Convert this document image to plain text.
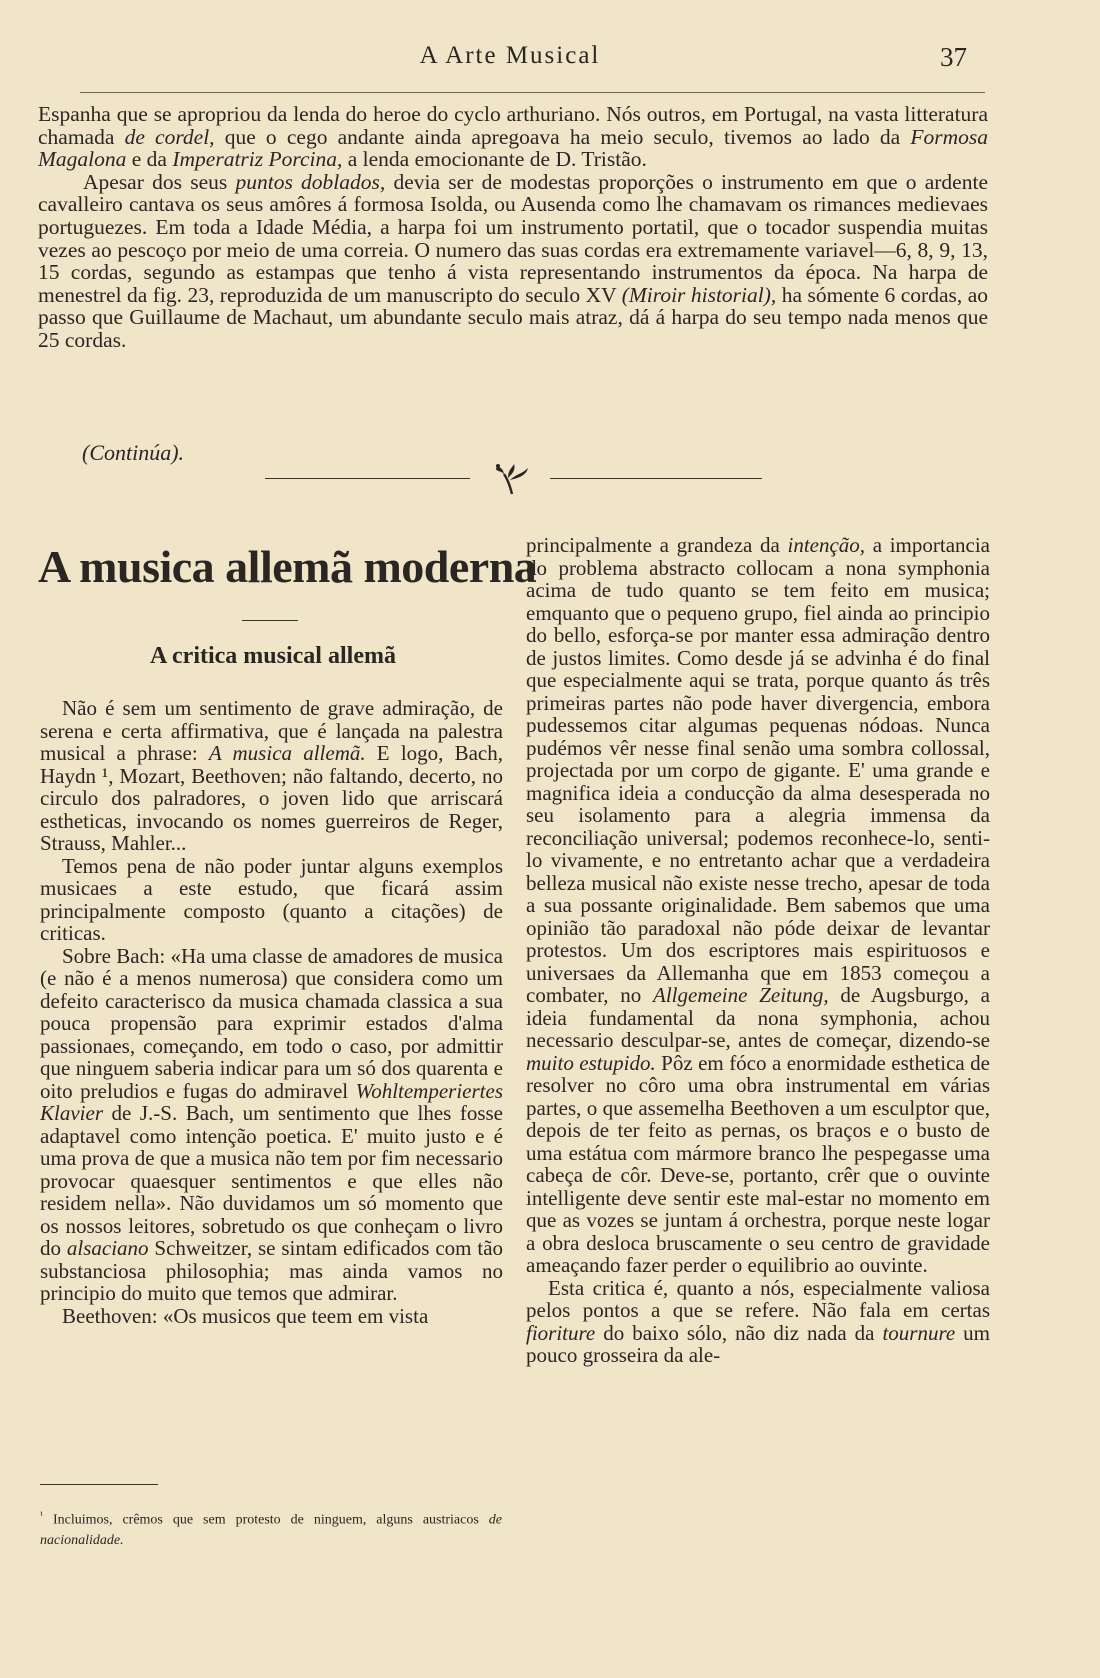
A Arte Musical	37

Espanha que se apropriou da lenda do heroe do cyclo arthuriano. Nós outros, em Portugal, na vasta litteratura chamada de cordel, que o cego andante ainda apregoava ha meio seculo, tivemos ao lado da Formosa Magalona e da Imperatriz Porcina, a lenda emocionante de D. Tristão.

Apesar dos seus puntos doblados, devia ser de modestas proporções o instrumento em que o ardente cavalleiro cantava os seus amôres á formosa Isolda, ou Ausenda como lhe chamavam os rimances medievaes portuguezes. Em toda a Idade Média, a harpa foi um instrumento portatil, que o tocador suspendia muitas vezes ao pescoço por meio de uma correia. O numero das suas cordas era extremamente variavel—6, 8, 9, 13, 15 cordas, segundo as estampas que tenho á vista representando instrumentos da época. Na harpa de menestrel da fig. 23, reproduzida de um manuscripto do seculo XV (Miroir historial), ha sómente 6 cordas, ao passo que Guillaume de Machaut, um abundante seculo mais atraz, dá á harpa do seu tempo nada menos que 25 cordas.

(Continúa).
A musica allemã moderna
A critica musical allemã

Não é sem um sentimento de grave admiração, de serena e certa affirmativa, que é lançada na palestra musical a phrase: A musica allemã. E logo, Bach, Haydn ¹, Mozart, Beethoven; não faltando, decerto, no circulo dos palradores, o joven lido que arriscará estheticas, invocando os nomes guerreiros de Reger, Strauss, Mahler...

Temos pena de não poder juntar alguns exemplos musicaes a este estudo, que ficará assim principalmente composto (quanto a citações) de criticas.

Sobre Bach: «Ha uma classe de amadores de musica (e não é a menos numerosa) que considera como um defeito caracterisco da musica chamada classica a sua pouca propensão para exprimir estados d'alma passionaes, começando, em todo o caso, por admittir que ninguem saberia indicar para um só dos quarenta e oito preludios e fugas do admiravel Wohltemperiertes Klavier de J.-S. Bach, um sentimento que lhes fosse adaptavel como intenção poetica. E' muito justo e é uma prova de que a musica não tem por fim necessario provocar quaesquer sentimentos e que elles não residem nella». Não duvidamos um só momento que os nossos leitores, sobretudo os que conheçam o livro do alsaciano Schweitzer, se sintam edificados com tão substanciosa philosophia; mas ainda vamos no principio do muito que temos que admirar.

Beethoven: «Os musicos que teem em vista

principalmente a grandeza da intenção, a importancia do problema abstracto collocam a nona symphonia acima de tudo quanto se tem feito em musica; emquanto que o pequeno grupo, fiel ainda ao principio do bello, esforça-se por manter essa admiração dentro de justos limites. Como desde já se advinha é do final que especialmente aqui se trata, porque quanto ás três primeiras partes não pode haver divergencia, embora pudessemos citar algumas pequenas nódoas. Nunca pudémos vêr nesse final senão uma sombra collossal, projectada por um corpo de gigante. E' uma grande e magnifica ideia a conducção da alma desesperada no seu isolamento para a alegria immensa da reconciliação universal; podemos reconhece-lo, senti-lo vivamente, e no entretanto achar que a verdadeira belleza musical não existe nesse trecho, apesar de toda a sua possante originalidade. Bem sabemos que uma opinião tão paradoxal não póde deixar de levantar protestos. Um dos escriptores mais espirituosos e universaes da Allemanha que em 1853 começou a combater, no Allgemeine Zeitung, de Augsburgo, a ideia fundamental da nona symphonia, achou necessario desculpar-se, antes de começar, dizendo-se muito estupido. Pôz em fóco a enormidade esthetica de resolver no côro uma obra instrumental em várias partes, o que assemelha Beethoven a um esculptor que, depois de ter feito as pernas, os braços e o busto de uma estátua com mármore branco lhe pespegasse uma cabeça de côr. Deve-se, portanto, crêr que o ouvinte intelligente deve sentir este mal-estar no momento em que as vozes se juntam á orchestra, porque neste logar a obra desloca bruscamente o seu centro de gravidade ameaçando fazer perder o equilibrio ao ouvinte.

Esta critica é, quanto a nós, especialmente valiosa pelos pontos a que se refere. Não fala em certas fioriture do baixo sólo, não diz nada da tournure um pouco grosseira da ale-

$^{^1}$ Incluimos, crêmos que sem protesto de ninguem, alguns austriacos de nacionalidade.
